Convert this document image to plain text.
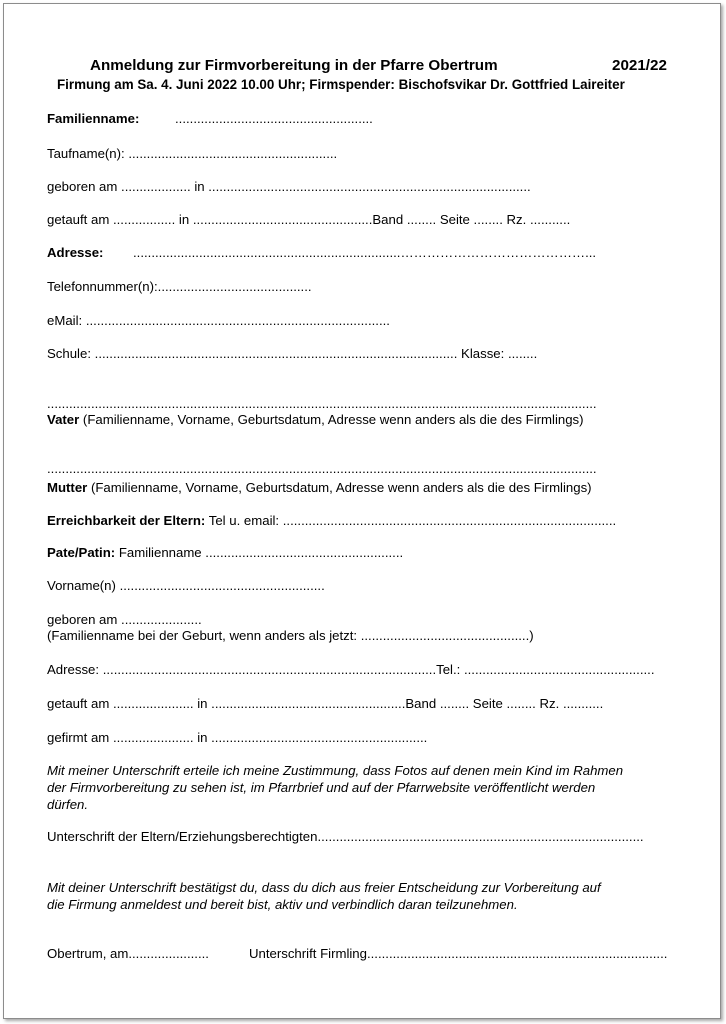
Anmeldung zur Firmvorbereitung in der Pfarre Obertrum	2021/22
Firmung am Sa. 4. Juni 2022 10.00 Uhr; Firmspender: Bischofsvikar Dr. Gottfried Laireiter
Familienname:	......................................................
Taufname(n): .........................................................
geboren am ................... in ........................................................................................
getauft am ................. in .................................................Band ........ Seite ........ Rz. ...........
Adresse: .........................................................................……………………………………...
Telefonnummer(n):..........................................
eMail: ...................................................................................
Schule: ................................................................................................... Klasse: ........
......................................................................................................................................................
Vater (Familienname, Vorname, Geburtsdatum, Adresse wenn anders als die des Firmlings)
......................................................................................................................................................
Mutter (Familienname, Vorname, Geburtsdatum, Adresse wenn anders als die des Firmlings)
Erreichbarkeit der Eltern: Tel u. email: ...........................................................................................
Pate/Patin: Familienname ......................................................
Vorname(n) ........................................................
geboren am ......................
(Familienname bei der Geburt, wenn anders als jetzt: ..............................................)
Adresse: ...........................................................................................Tel.: ....................................................
getauft am ...................... in .....................................................Band ........ Seite ........ Rz. ...........
gefirmt am ...................... in ...........................................................
Mit meiner Unterschrift erteile ich meine Zustimmung, dass Fotos auf denen mein Kind im Rahmen
der Firmvorbereitung zu sehen ist, im Pfarrbrief und auf der Pfarrwebsite veröffentlicht werden
dürfen.
Unterschrift der Eltern/Erziehungsberechtigten.........................................................................................
Mit deiner Unterschrift bestätigst du, dass du dich aus freier Entscheidung zur Vorbereitung auf
die Firmung anmeldest und bereit bist, aktiv und verbindlich daran teilzunehmen.
Obertrum, am......................	Unterschrift Firmling..................................................................................
